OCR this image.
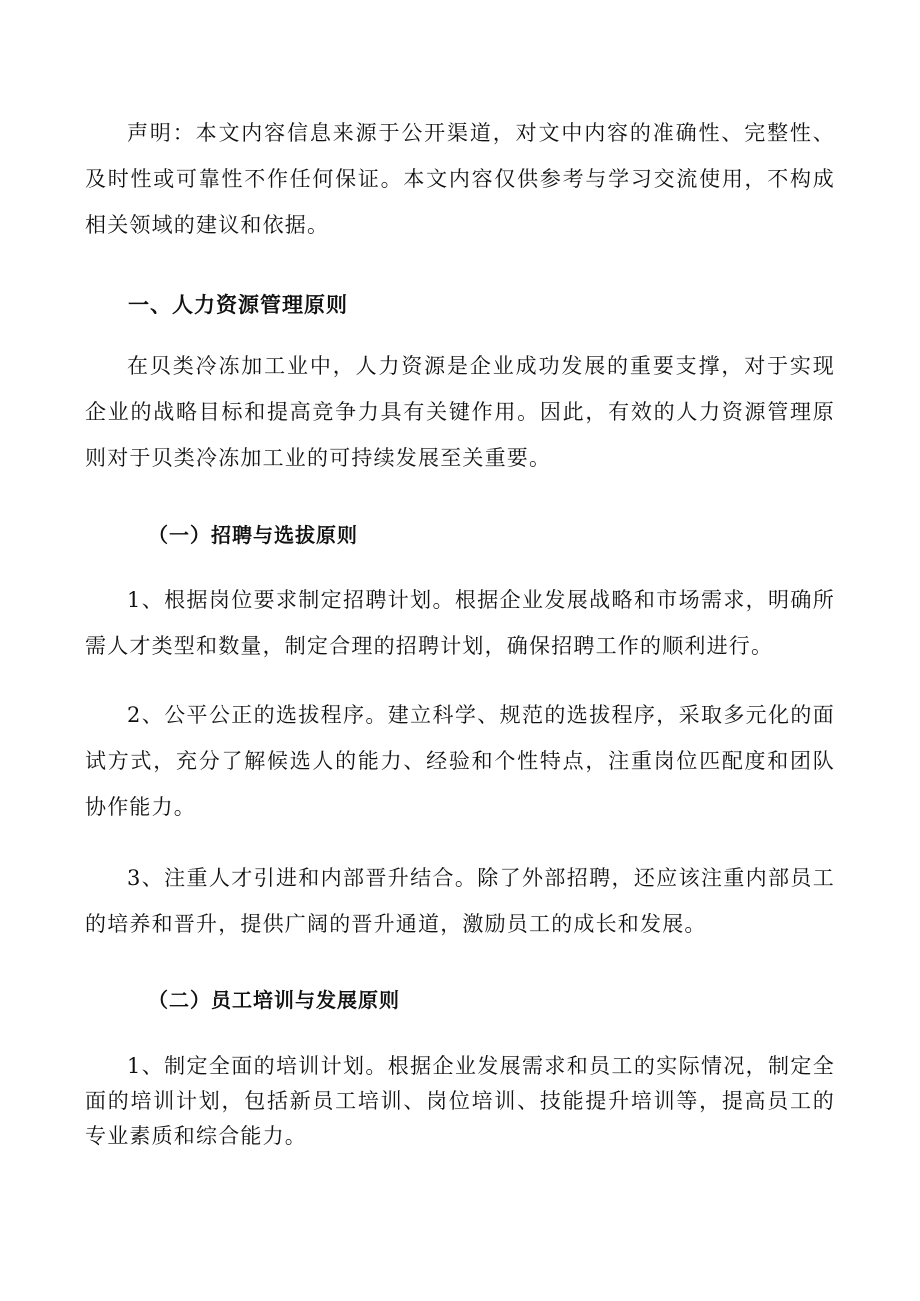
声明：本文内容信息来源于公开渠道，对文中内容的准确性、完整性、及时性或可靠性不作任何保证。本文内容仅供参考与学习交流使用，不构成相关领域的建议和依据。

一、人力资源管理原则

在贝类冷冻加工业中，人力资源是企业成功发展的重要支撑，对于实现企业的战略目标和提高竞争力具有关键作用。因此，有效的人力资源管理原则对于贝类冷冻加工业的可持续发展至关重要。

（一）招聘与选拔原则

1、根据岗位要求制定招聘计划。根据企业发展战略和市场需求，明确所需人才类型和数量，制定合理的招聘计划，确保招聘工作的顺利进行。

2、公平公正的选拔程序。建立科学、规范的选拔程序，采取多元化的面试方式，充分了解候选人的能力、经验和个性特点，注重岗位匹配度和团队协作能力。

3、注重人才引进和内部晋升结合。除了外部招聘，还应该注重内部员工的培养和晋升，提供广阔的晋升通道，激励员工的成长和发展。

（二）员工培训与发展原则

1、制定全面的培训计划。根据企业发展需求和员工的实际情况，制定全面的培训计划，包括新员工培训、岗位培训、技能提升培训等，提高员工的专业素质和综合能力。
